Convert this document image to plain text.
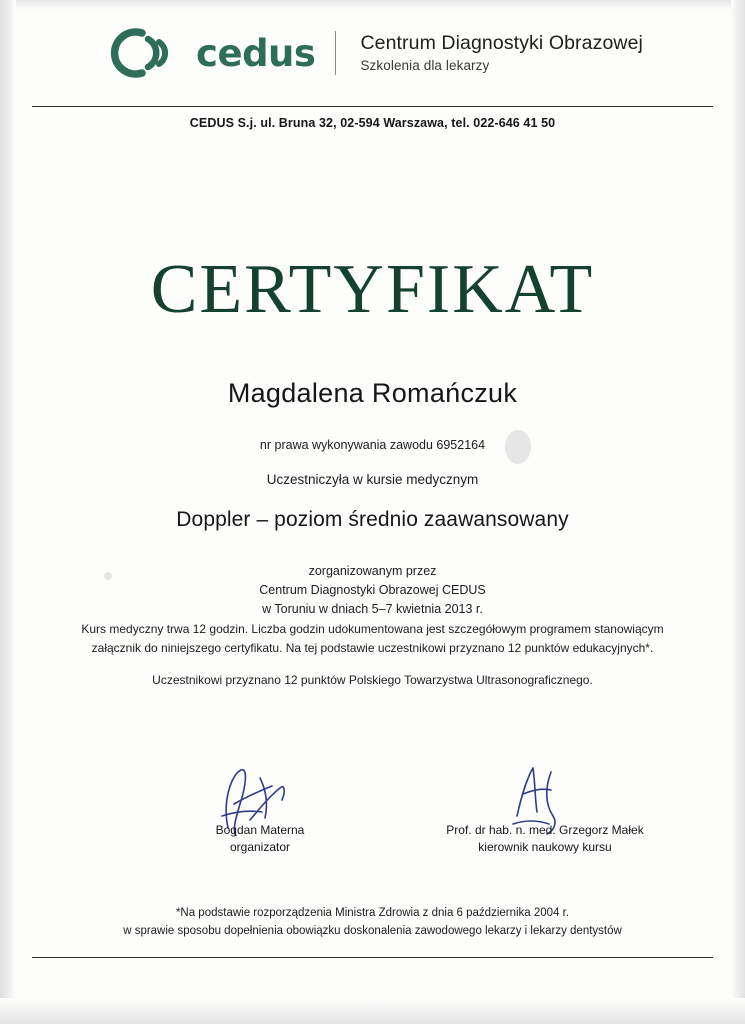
cedus Centrum Diagnostyki Obrazowej
Szkolenia dla lekarzy
CEDUS S.j. ul. Bruna 32, 02-594 Warszawa, tel. 022-646 41 50
CERTYFIKAT
Magdalena Romańczuk
nr prawa wykonywania zawodu 6952164
Uczestniczyła w kursie medycznym
Doppler – poziom średnio zaawansowany
zorganizowanym przez
Centrum Diagnostyki Obrazowej CEDUS
w Toruniu w dniach 5–7 kwietnia 2013 r.
Kurs medyczny trwa 12 godzin. Liczba godzin udokumentowana jest szczegółowym programem stanowiącym załącznik do niniejszego certyfikatu. Na tej podstawie uczestnikowi przyznano 12 punktów edukacyjnych*.
Uczestnikowi przyznano 12 punktów Polskiego Towarzystwa Ultrasonograficznego.
Bogdan Materna
organizator
Prof. dr hab. n. med. Grzegorz Małek
kierownik naukowy kursu
*Na podstawie rozporządzenia Ministra Zdrowia z dnia 6 października 2004 r.
w sprawie sposobu dopełnienia obowiązku doskonalenia zawodowego lekarzy i lekarzy dentystów
